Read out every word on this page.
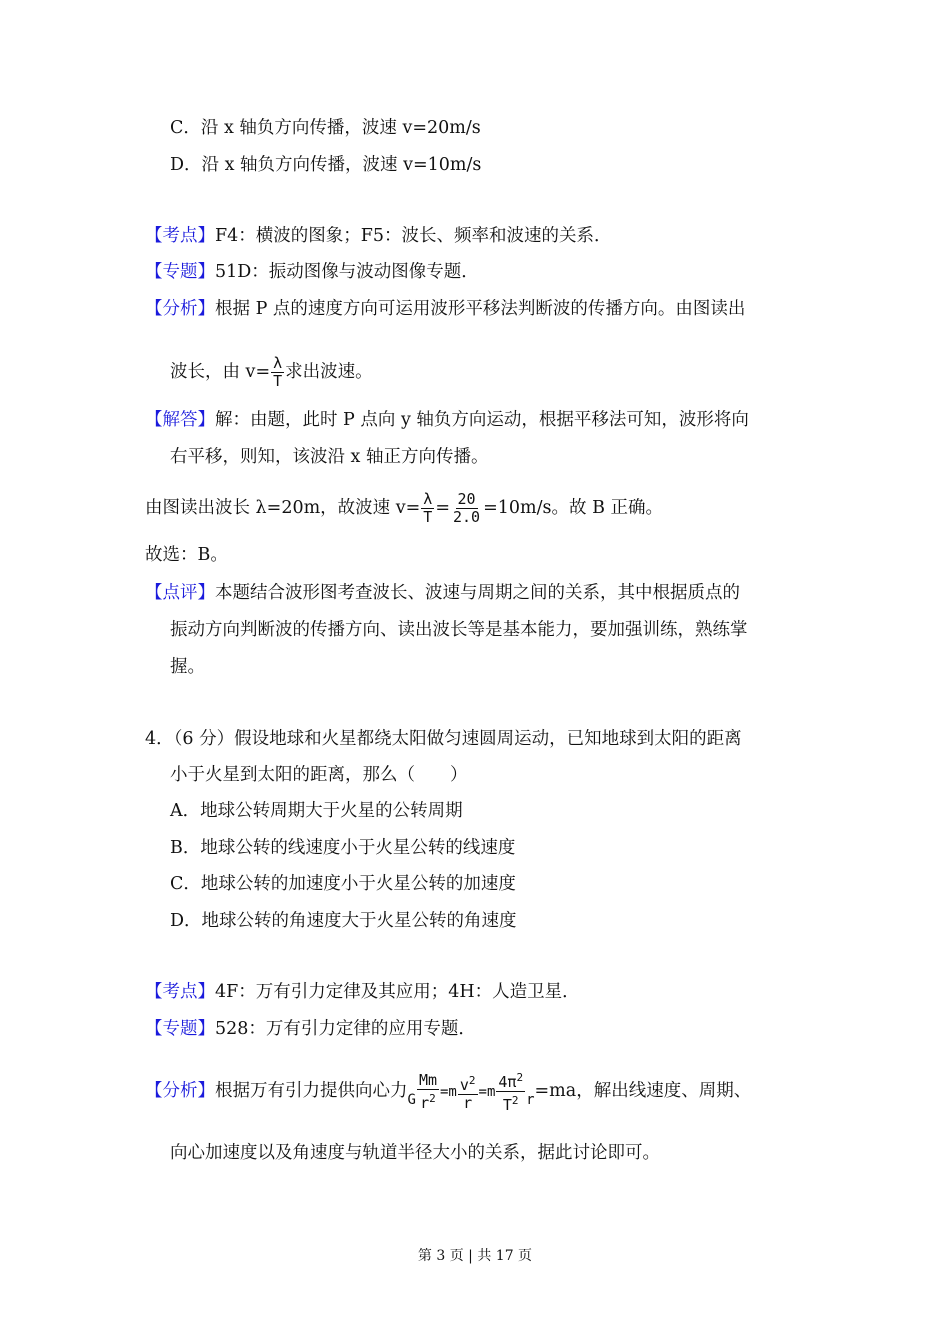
C．沿 x 轴负方向传播，波速 v=20m/s
D．沿 x 轴负方向传播，波速 v=10m/s
【考点】F4：横波的图象；F5：波长、频率和波速的关系．
【专题】51D：振动图像与波动图像专题．
【分析】根据 P 点的速度方向可运用波形平移法判断波的传播方向。由图读出
波长，由 $v= \frac{\lambda}{T}$ 求出波速。
【解答】解：由题，此时 P 点向 y 轴负方向运动，根据平移法可知，波形将向
右平移，则知，该波沿 x 轴正方向传播。
由图读出波长 λ=20m，故波速 $v= \frac{\lambda}{T} = \frac{20}{2.0} =10m/s$。故 B 正确。
故选：B。
【点评】本题结合波形图考查波长、波速与周期之间的关系，其中根据质点的
振动方向判断波的传播方向、读出波长等是基本能力，要加强训练，熟练掌
握。
4．（6 分）假设地球和火星都绕太阳做匀速圆周运动，已知地球到太阳的距离
小于火星到太阳的距离，那么（　　）
A．地球公转周期大于火星的公转周期
B．地球公转的线速度小于火星公转的线速度
C．地球公转的加速度小于火星公转的加速度
D．地球公转的角速度大于火星公转的角速度
【考点】4F：万有引力定律及其应用；4H：人造卫星．
【专题】528：万有引力定律的应用专题．
【分析】根据万有引力提供向心力$_G \frac{Mm}{r^2} =m \frac{v^2}{r} =m \frac{4\pi^2}{T^2} _r=ma$，解出线速度、周期、
向心加速度以及角速度与轨道半径大小的关系，据此讨论即可。
第 3 页 | 共 17 页
